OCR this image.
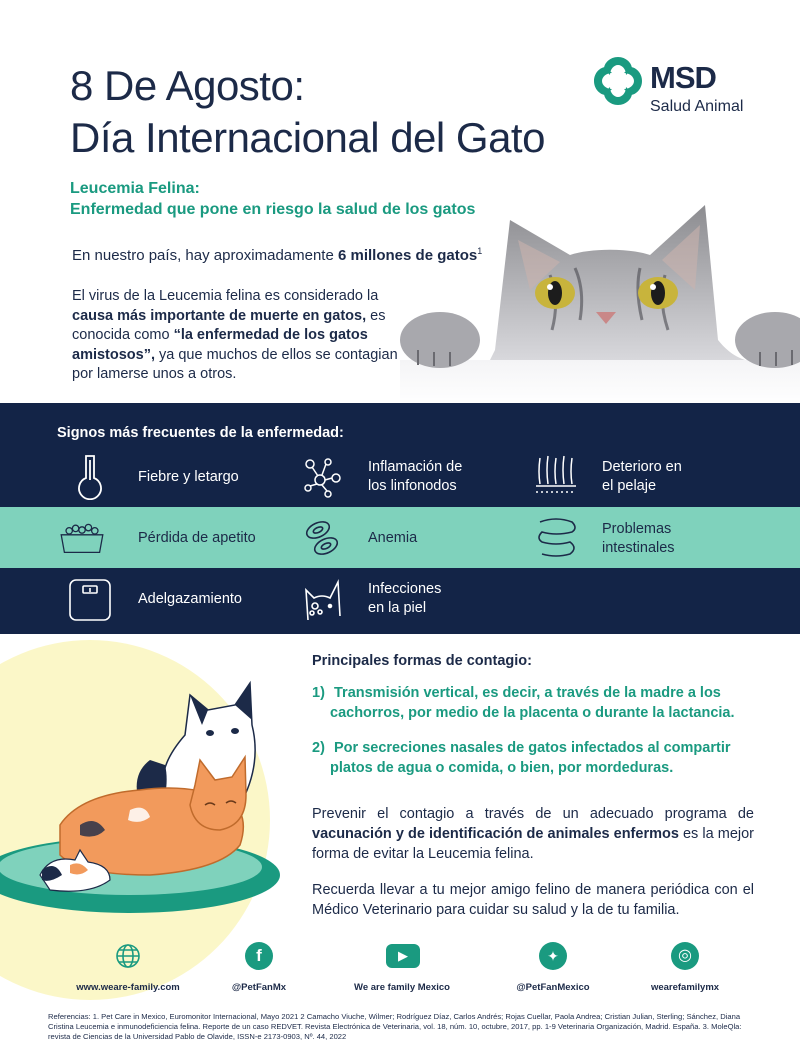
8 De Agosto:
Día Internacional del Gato
MSD
Salud Animal
Leucemia Felina:
Enfermedad que pone en riesgo la salud de los gatos
En nuestro país, hay aproximadamente 6 millones de gatos$^1$
El virus de la Leucemia felina es considerado la causa más importante de muerte en gatos, es conocida como “la enfermedad de los gatos amistosos”, ya que muchos de ellos se contagian por lamerse unos a otros.
Signos más frecuentes de la enfermedad:
Fiebre y letargo
Inflamación de
los linfonodos
Deterioro en
el pelaje
Pérdida de apetito	Anemia
Problemas
intestinales
Adelgazamiento
Infecciones
en la piel
Principales formas de contagio:
1) Transmisión vertical, es decir, a través de la madre a los
cachorros, por medio de la placenta o durante la lactancia.
2) Por secreciones nasales de gatos infectados al compartir
platos de agua o comida, o bien, por mordeduras.
Prevenir el contagio a través de un adecuado programa de vacunación y de identificación de animales enfermos es la mejor forma de evitar la Leucemia felina.
Recuerda llevar a tu mejor amigo felino de manera periódica con el Médico Veterinario para cuidar su salud y la de tu familia.
www.weare-family.com
f
@PetFanMx
▶
We are family Mexico
✦
@PetFanMexico
◎
wearefamilymx
Referencias: 1. Pet Care in Mexico, Euromonitor Internacional, Mayo 2021 2 Camacho Viuche, Wilmer; Rodríguez Díaz, Carlos Andrés; Rojas Cuellar, Paola Andrea; Cristian Julian, Sterling; Sánchez, Diana Cristina Leucemia e inmunodeficiencia felina. Reporte de un caso REDVET. Revista Electrónica de Veterinaria, vol. 18, núm. 10, octubre, 2017, pp. 1-9 Veterinaria Organización, Madrid. España. 3. MoleQla: revista de Ciencias de la Universidad Pablo de Olavide, ISSN-e 2173-0903, Nº. 44, 2022
